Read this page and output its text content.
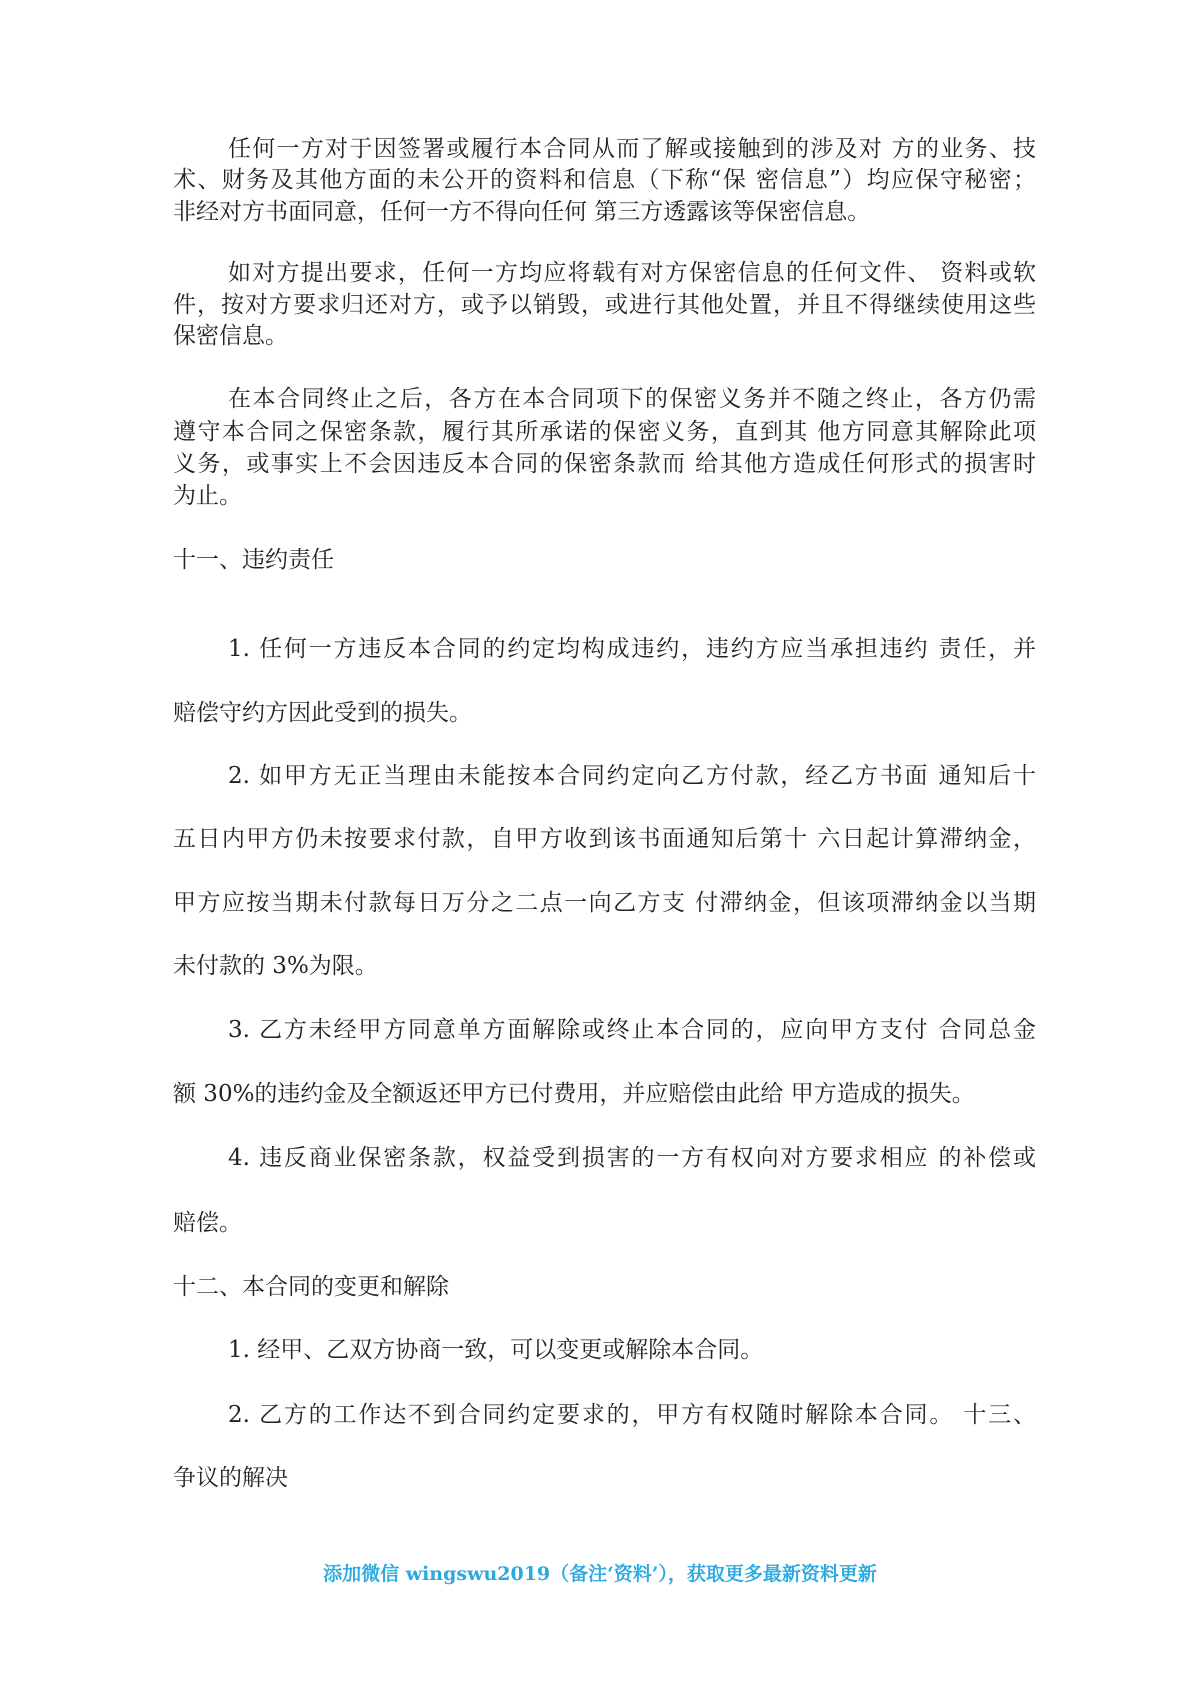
任何一方对于因签署或履行本合同从而了解或接触到的涉及对 方的业务、技
术、财务及其他方面的未公开的资料和信息（下称“保 密信息”）均应保守秘密；
非经对方书面同意，任何一方不得向任何 第三方透露该等保密信息。
如对方提出要求，任何一方均应将载有对方保密信息的任何文件、 资料或软
件，按对方要求归还对方，或予以销毁，或进行其他处置，并且不得继续使用这些
保密信息。
在本合同终止之后，各方在本合同项下的保密义务并不随之终止，各方仍需
遵守本合同之保密条款，履行其所承诺的保密义务，直到其 他方同意其解除此项
义务，或事实上不会因违反本合同的保密条款而 给其他方造成任何形式的损害时
为止。
十一、违约责任
1. 任何一方违反本合同的约定均构成违约，违约方应当承担违约 责任，并
赔偿守约方因此受到的损失。
2. 如甲方无正当理由未能按本合同约定向乙方付款，经乙方书面 通知后十
五日内甲方仍未按要求付款，自甲方收到该书面通知后第十 六日起计算滞纳金，
甲方应按当期未付款每日万分之二点一向乙方支 付滞纳金，但该项滞纳金以当期
未付款的 3%为限。
3. 乙方未经甲方同意单方面解除或终止本合同的，应向甲方支付 合同总金
额 30%的违约金及全额返还甲方已付费用，并应赔偿由此给 甲方造成的损失。
4. 违反商业保密条款，权益受到损害的一方有权向对方要求相应 的补偿或
赔偿。
十二、本合同的变更和解除
1. 经甲、乙双方协商一致，可以变更或解除本合同。
2. 乙方的工作达不到合同约定要求的，甲方有权随时解除本合同。 十三、
争议的解决
添加微信 wingswu2019（备注‘资料’），获取更多最新资料更新
